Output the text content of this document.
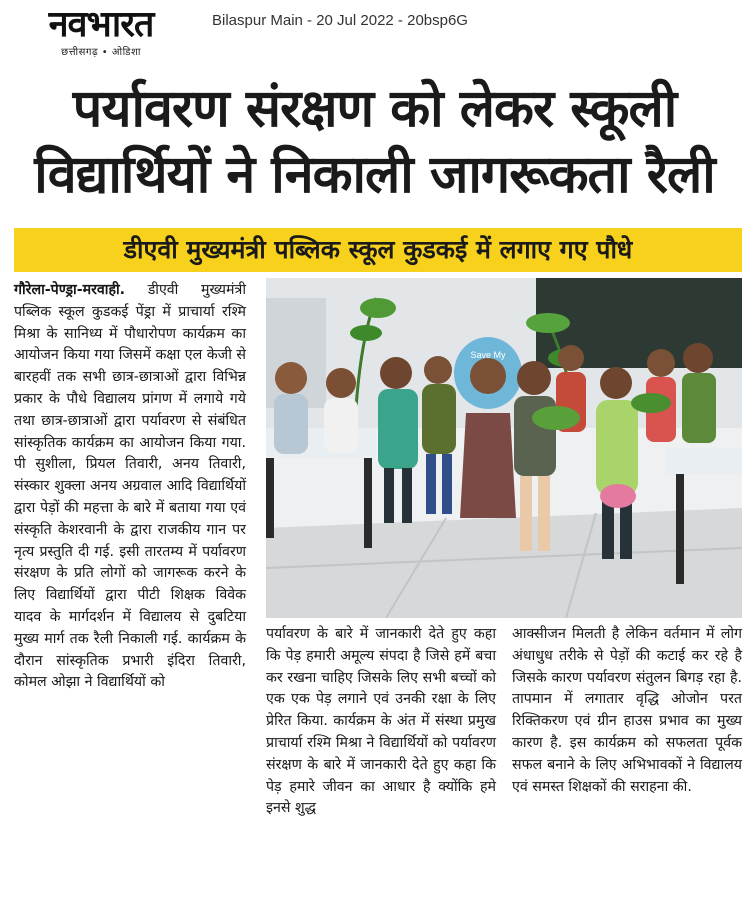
नवभारत
छत्तीसगढ़ • ओडिशा
Bilaspur Main - 20 Jul 2022 - 20bsp6G
पर्यावरण संरक्षण को लेकर स्कूली
विद्यार्थियों ने निकाली जागरूकता रैली
डीएवी मुख्यमंत्री पब्लिक स्कूल कुडकई में लगाए गए पौधे
गौरेला-पेण्ड्रा-मरवाही. डीएवी मुख्यमंत्री पब्लिक स्कूल कुडकई पेंड्रा में प्राचार्या रश्मि मिश्रा के सानिध्य में पौधारोपण कार्यक्रम का आयोजन किया गया जिसमें कक्षा एल केजी से बारहवीं तक सभी छात्र-छात्राओं द्वारा विभिन्न प्रकार के पौधे विद्यालय प्रांगण में लगाये गये तथा छात्र-छात्राओं द्वारा पर्यावरण से संबंधित सांस्कृतिक कार्यक्रम का आयोजन किया गया. पी सुशीला, प्रियल तिवारी, अनय तिवारी, संस्कार शुक्ला अनय अग्रवाल आदि विद्यार्थियों द्वारा पेड़ों की महत्ता के बारे में बताया गया एवं संस्कृति केशरवानी के द्वारा राजकीय गान पर नृत्य प्रस्तुति दी गई. इसी तारतम्य में पर्यावरण संरक्षण के प्रति लोगों को जागरूक करने के लिए विद्यार्थियों द्वारा पीटी शिक्षक विवेक यादव के मार्गदर्शन में विद्यालय से दुबटिया मुख्य मार्ग तक रैली निकाली गई. कार्यक्रम के दौरान सांस्कृतिक प्रभारी इंदिरा तिवारी, कोमल ओझा ने विद्यार्थियों को
Save My
पर्यावरण के बारे में जानकारी देते हुए कहा कि पेड़ हमारी अमूल्य संपदा है जिसे हमें बचा कर रखना चाहिए जिसके लिए सभी बच्चों को एक एक पेड़ लगाने एवं उनकी रक्षा के लिए प्रेरित किया. कार्यक्रम के अंत में संस्था प्रमुख प्राचार्या रश्मि मिश्रा ने विद्यार्थियों को पर्यावरण संरक्षण के बारे में जानकारी देते हुए कहा कि पेड़ हमारे जीवन का आधार है क्योंकि हमे इनसे शुद्ध
आक्सीजन मिलती है लेकिन वर्तमान में लोग अंधाधुध तरीके से पेड़ों की कटाई कर रहे है जिसके कारण पर्यावरण संतुलन बिगड़ रहा है. तापमान में लगातार वृद्धि ओजोन परत रिक्तिकरण एवं ग्रीन हाउस प्रभाव का मुख्य कारण है. इस कार्यक्रम को सफलता पूर्वक सफल बनाने के लिए अभिभावकों ने विद्यालय एवं समस्त शिक्षकों की सराहना की.
